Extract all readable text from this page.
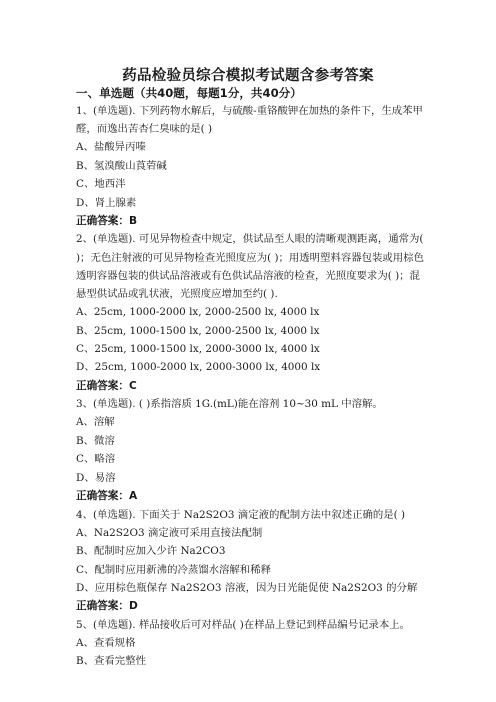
药品检验员综合模拟考试题含参考答案
一、单选题（共40题，每题1分，共40分）
1、(单选题). 下列药物水解后，与硫酸-重铬酸钾在加热的条件下，生成苯甲醛，而逸出苦杏仁臭味的是( )
A、盐酸异丙嗪
B、氢溴酸山莨菪碱
C、地西泮
D、肾上腺素
正确答案：B
2、(单选题). 可见异物检查中规定，供试品至人眼的清晰观测距离，通常为( )；无色注射液的可见异物检查光照度应为( )；用透明塑料容器包装或用棕色透明容器包装的供试品溶液或有色供试品溶液的检查，光照度要求为( )；混悬型供试品或乳状液，光照度应增加至约( ).
A、25cm, 1000-2000 lx, 2000-2500 lx, 4000 lx
B、25cm, 1000-1500 lx, 2000-2500 lx, 4000 lx
C、25cm, 1000-1500 lx, 2000-3000 lx, 4000 lx
D、25cm, 1000-2000 lx, 2000-3000 lx, 4000 lx
正确答案：C
3、(单选题). ( )系指溶质 1G.(mL)能在溶剂 10~30 mL 中溶解。
A、溶解
B、微溶
C、略溶
D、易溶
正确答案：A
4、(单选题). 下面关于 Na2S2O3 滴定液的配制方法中叙述正确的是( )
A、Na2S2O3 滴定液可采用直接法配制
B、配制时应加入少许 Na2CO3
C、配制时应用新沸的冷蒸馏水溶解和稀释
D、应用棕色瓶保存 Na2S2O3 溶液，因为日光能促使 Na2S2O3 的分解
正确答案：D
5、(单选题). 样品接收后可对样品( )在样品上登记到样品编号记录本上。
A、查看规格
B、查看完整性
